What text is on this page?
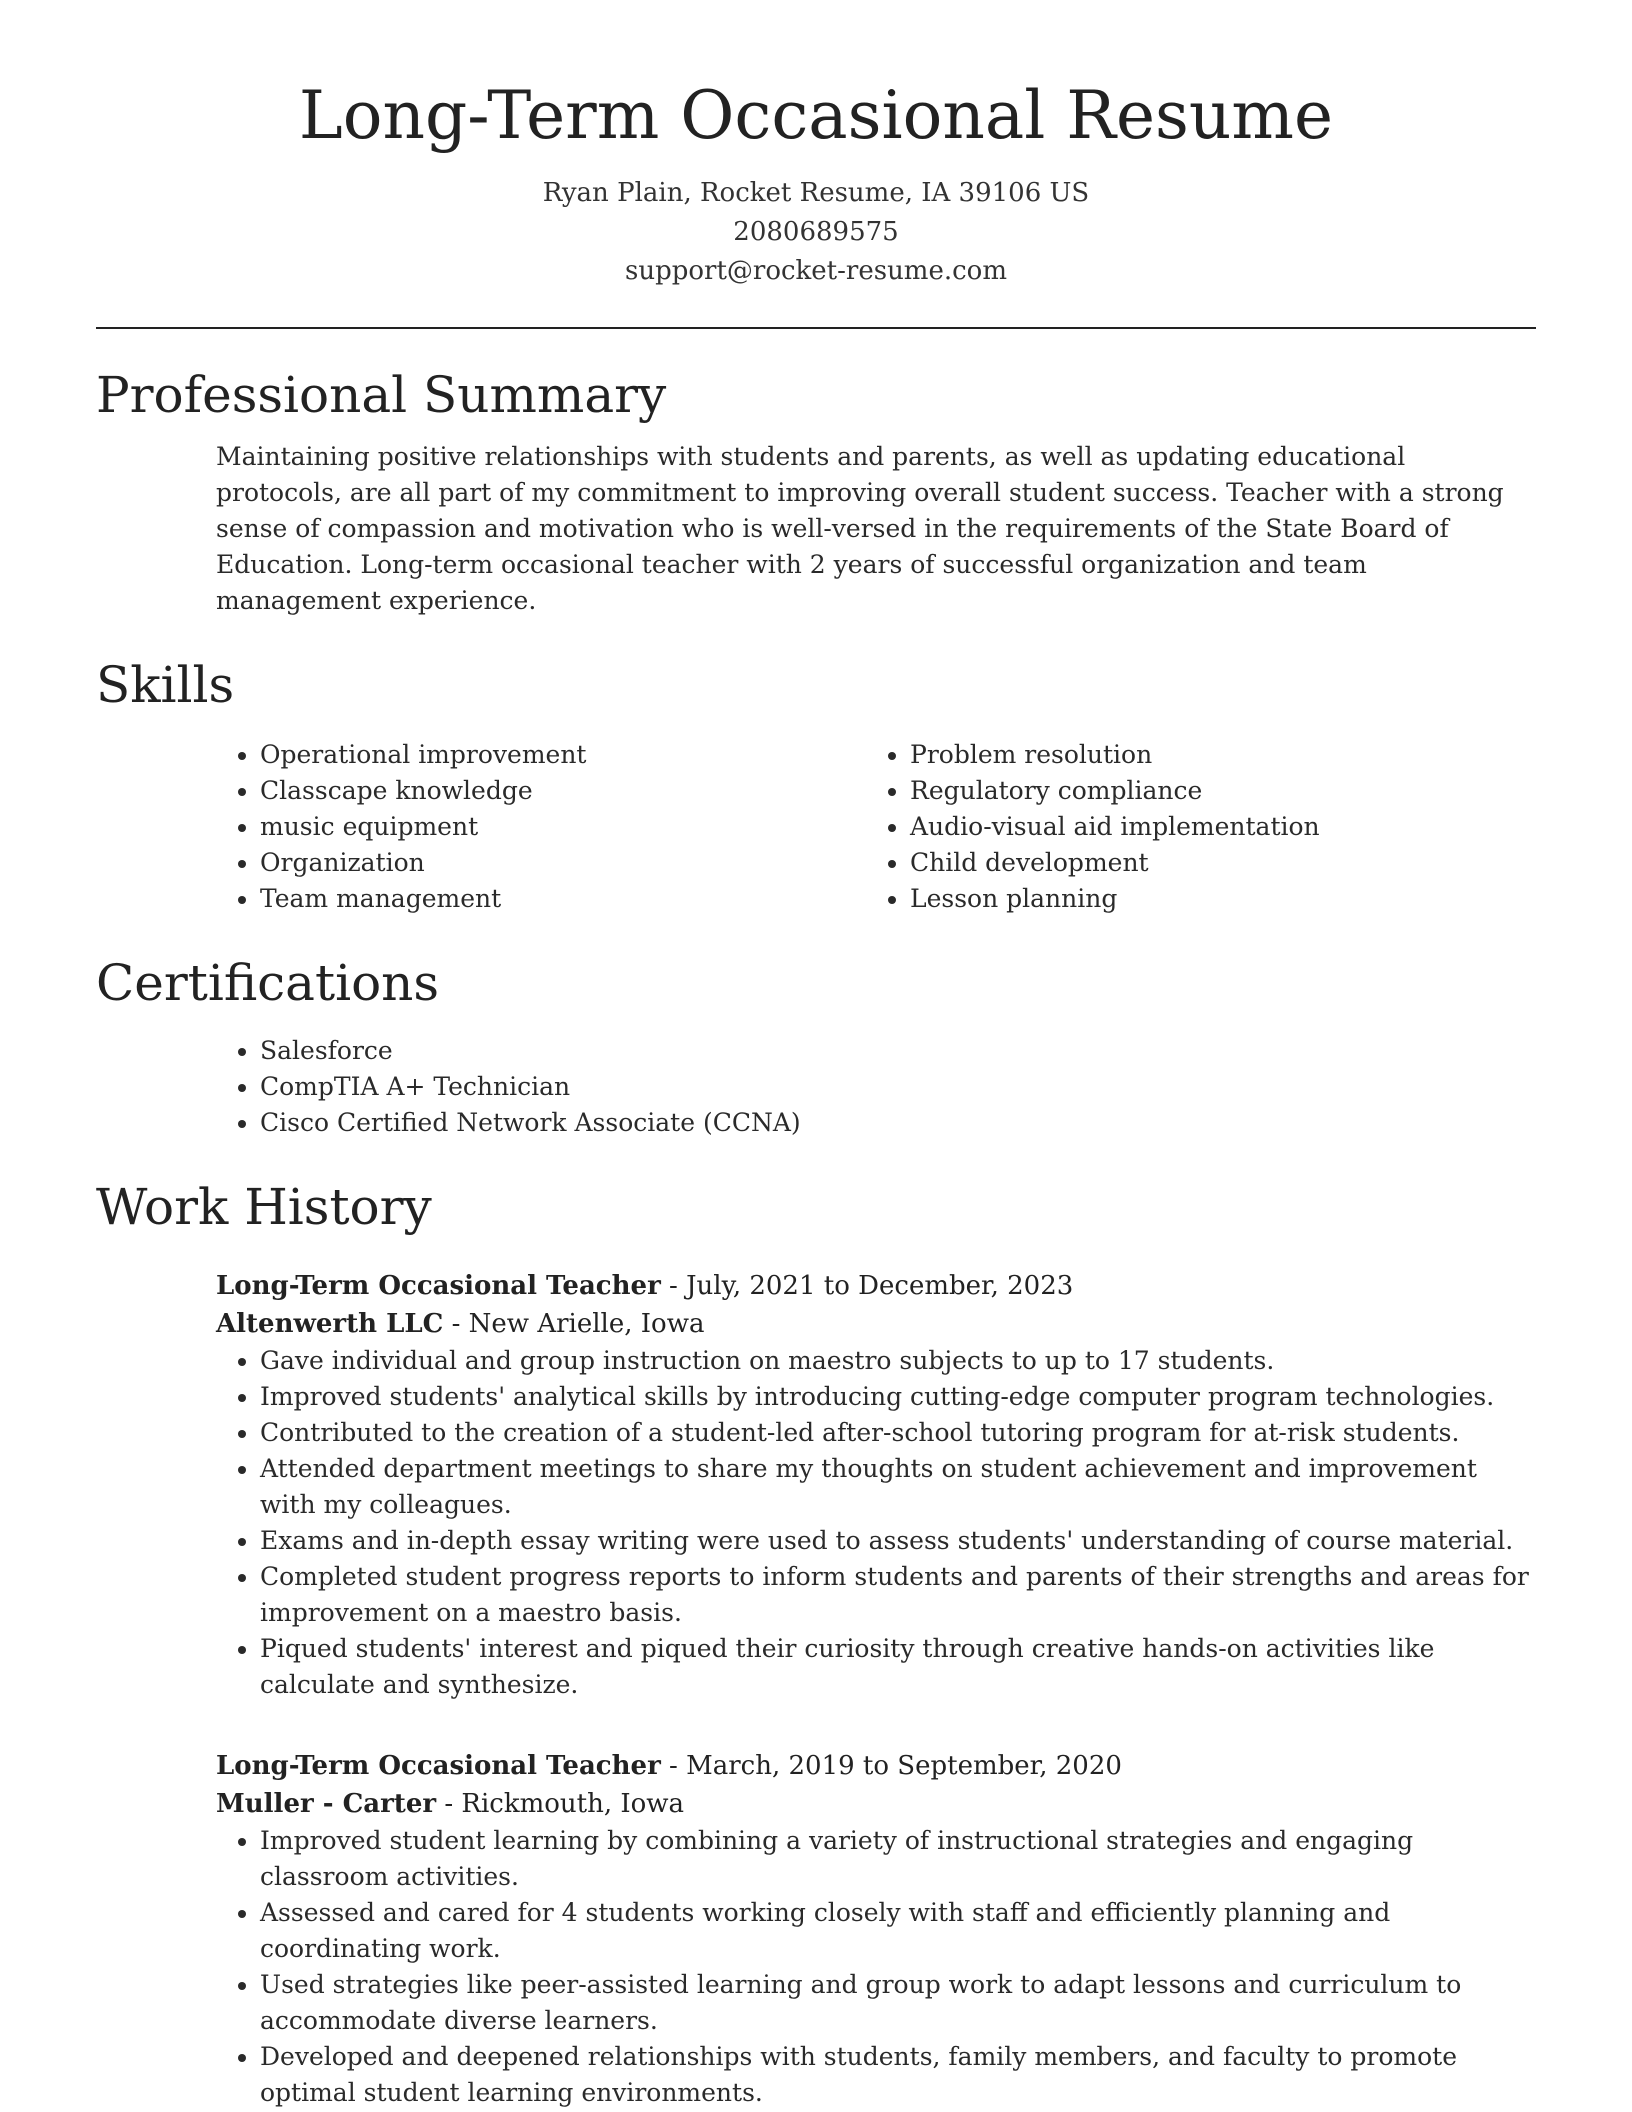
Long-Term Occasional Resume
Ryan Plain, Rocket Resume, IA 39106 US
2080689575
support@rocket-resume.com
Professional Summary
Maintaining positive relationships with students and parents, as well as updating educational protocols, are all part of my commitment to improving overall student success. Teacher with a strong sense of compassion and motivation who is well-versed in the requirements of the State Board of Education. Long-term occasional teacher with 2 years of successful organization and team management experience.
Skills
• Operational improvement
• Classcape knowledge
• music equipment
• Organization
• Team management
• Problem resolution
• Regulatory compliance
• Audio-visual aid implementation
• Child development
• Lesson planning
Certifications
• Salesforce
• CompTIA A+ Technician
• Cisco Certified Network Associate (CCNA)
Work History
Long-Term Occasional Teacher - July, 2021 to December, 2023
Altenwerth LLC - New Arielle, Iowa
• Gave individual and group instruction on maestro subjects to up to 17 students.
• Improved students' analytical skills by introducing cutting-edge computer program technologies.
• Contributed to the creation of a student-led after-school tutoring program for at-risk students.
• Attended department meetings to share my thoughts on student achievement and improvement with my colleagues.
• Exams and in-depth essay writing were used to assess students' understanding of course material.
• Completed student progress reports to inform students and parents of their strengths and areas for improvement on a maestro basis.
• Piqued students' interest and piqued their curiosity through creative hands-on activities like calculate and synthesize.
Long-Term Occasional Teacher - March, 2019 to September, 2020
Muller - Carter - Rickmouth, Iowa
• Improved student learning by combining a variety of instructional strategies and engaging classroom activities.
• Assessed and cared for 4 students working closely with staff and efficiently planning and coordinating work.
• Used strategies like peer-assisted learning and group work to adapt lessons and curriculum to accommodate diverse learners.
• Developed and deepened relationships with students, family members, and faculty to promote optimal student learning environments.
